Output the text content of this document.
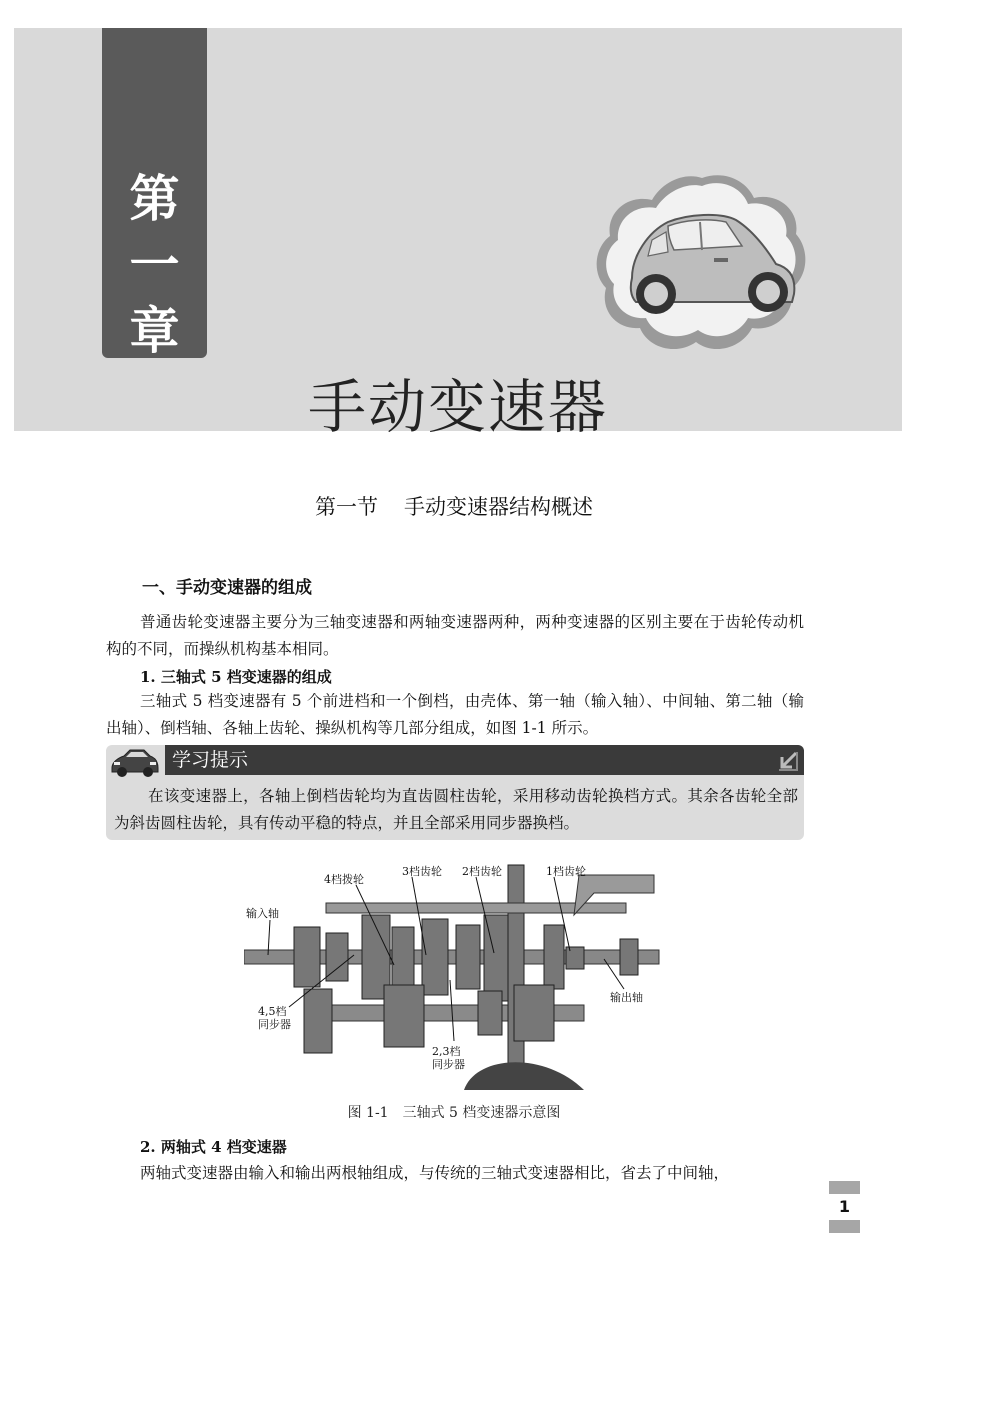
第
一
章
手动变速器
第一节 手动变速器结构概述
一、手动变速器的组成
普通齿轮变速器主要分为三轴变速器和两轴变速器两种，两种变速器的区别主要在于齿轮传动机构的不同，而操纵机构基本相同。
1. 三轴式 5 档变速器的组成
三轴式 5 档变速器有 5 个前进档和一个倒档，由壳体、第一轴（输入轴）、中间轴、第二轴（输出轴）、倒档轴、各轴上齿轮、操纵机构等几部分组成，如图 1-1 所示。
学习提示
在该变速器上，各轴上倒档齿轮均为直齿圆柱齿轮，采用移动齿轮换档方式。其余各齿轮全部为斜齿圆柱齿轮，具有传动平稳的特点，并且全部采用同步器换档。
4档拨轮
3档齿轮 2档齿轮	1档齿轮
输入轴
输出轴
4,5档
同步器
2,3档
同步器
图 1-1 三轴式 5 档变速器示意图
2. 两轴式 4 档变速器
两轴式变速器由输入和输出两根轴组成，与传统的三轴式变速器相比，省去了中间轴，
1
